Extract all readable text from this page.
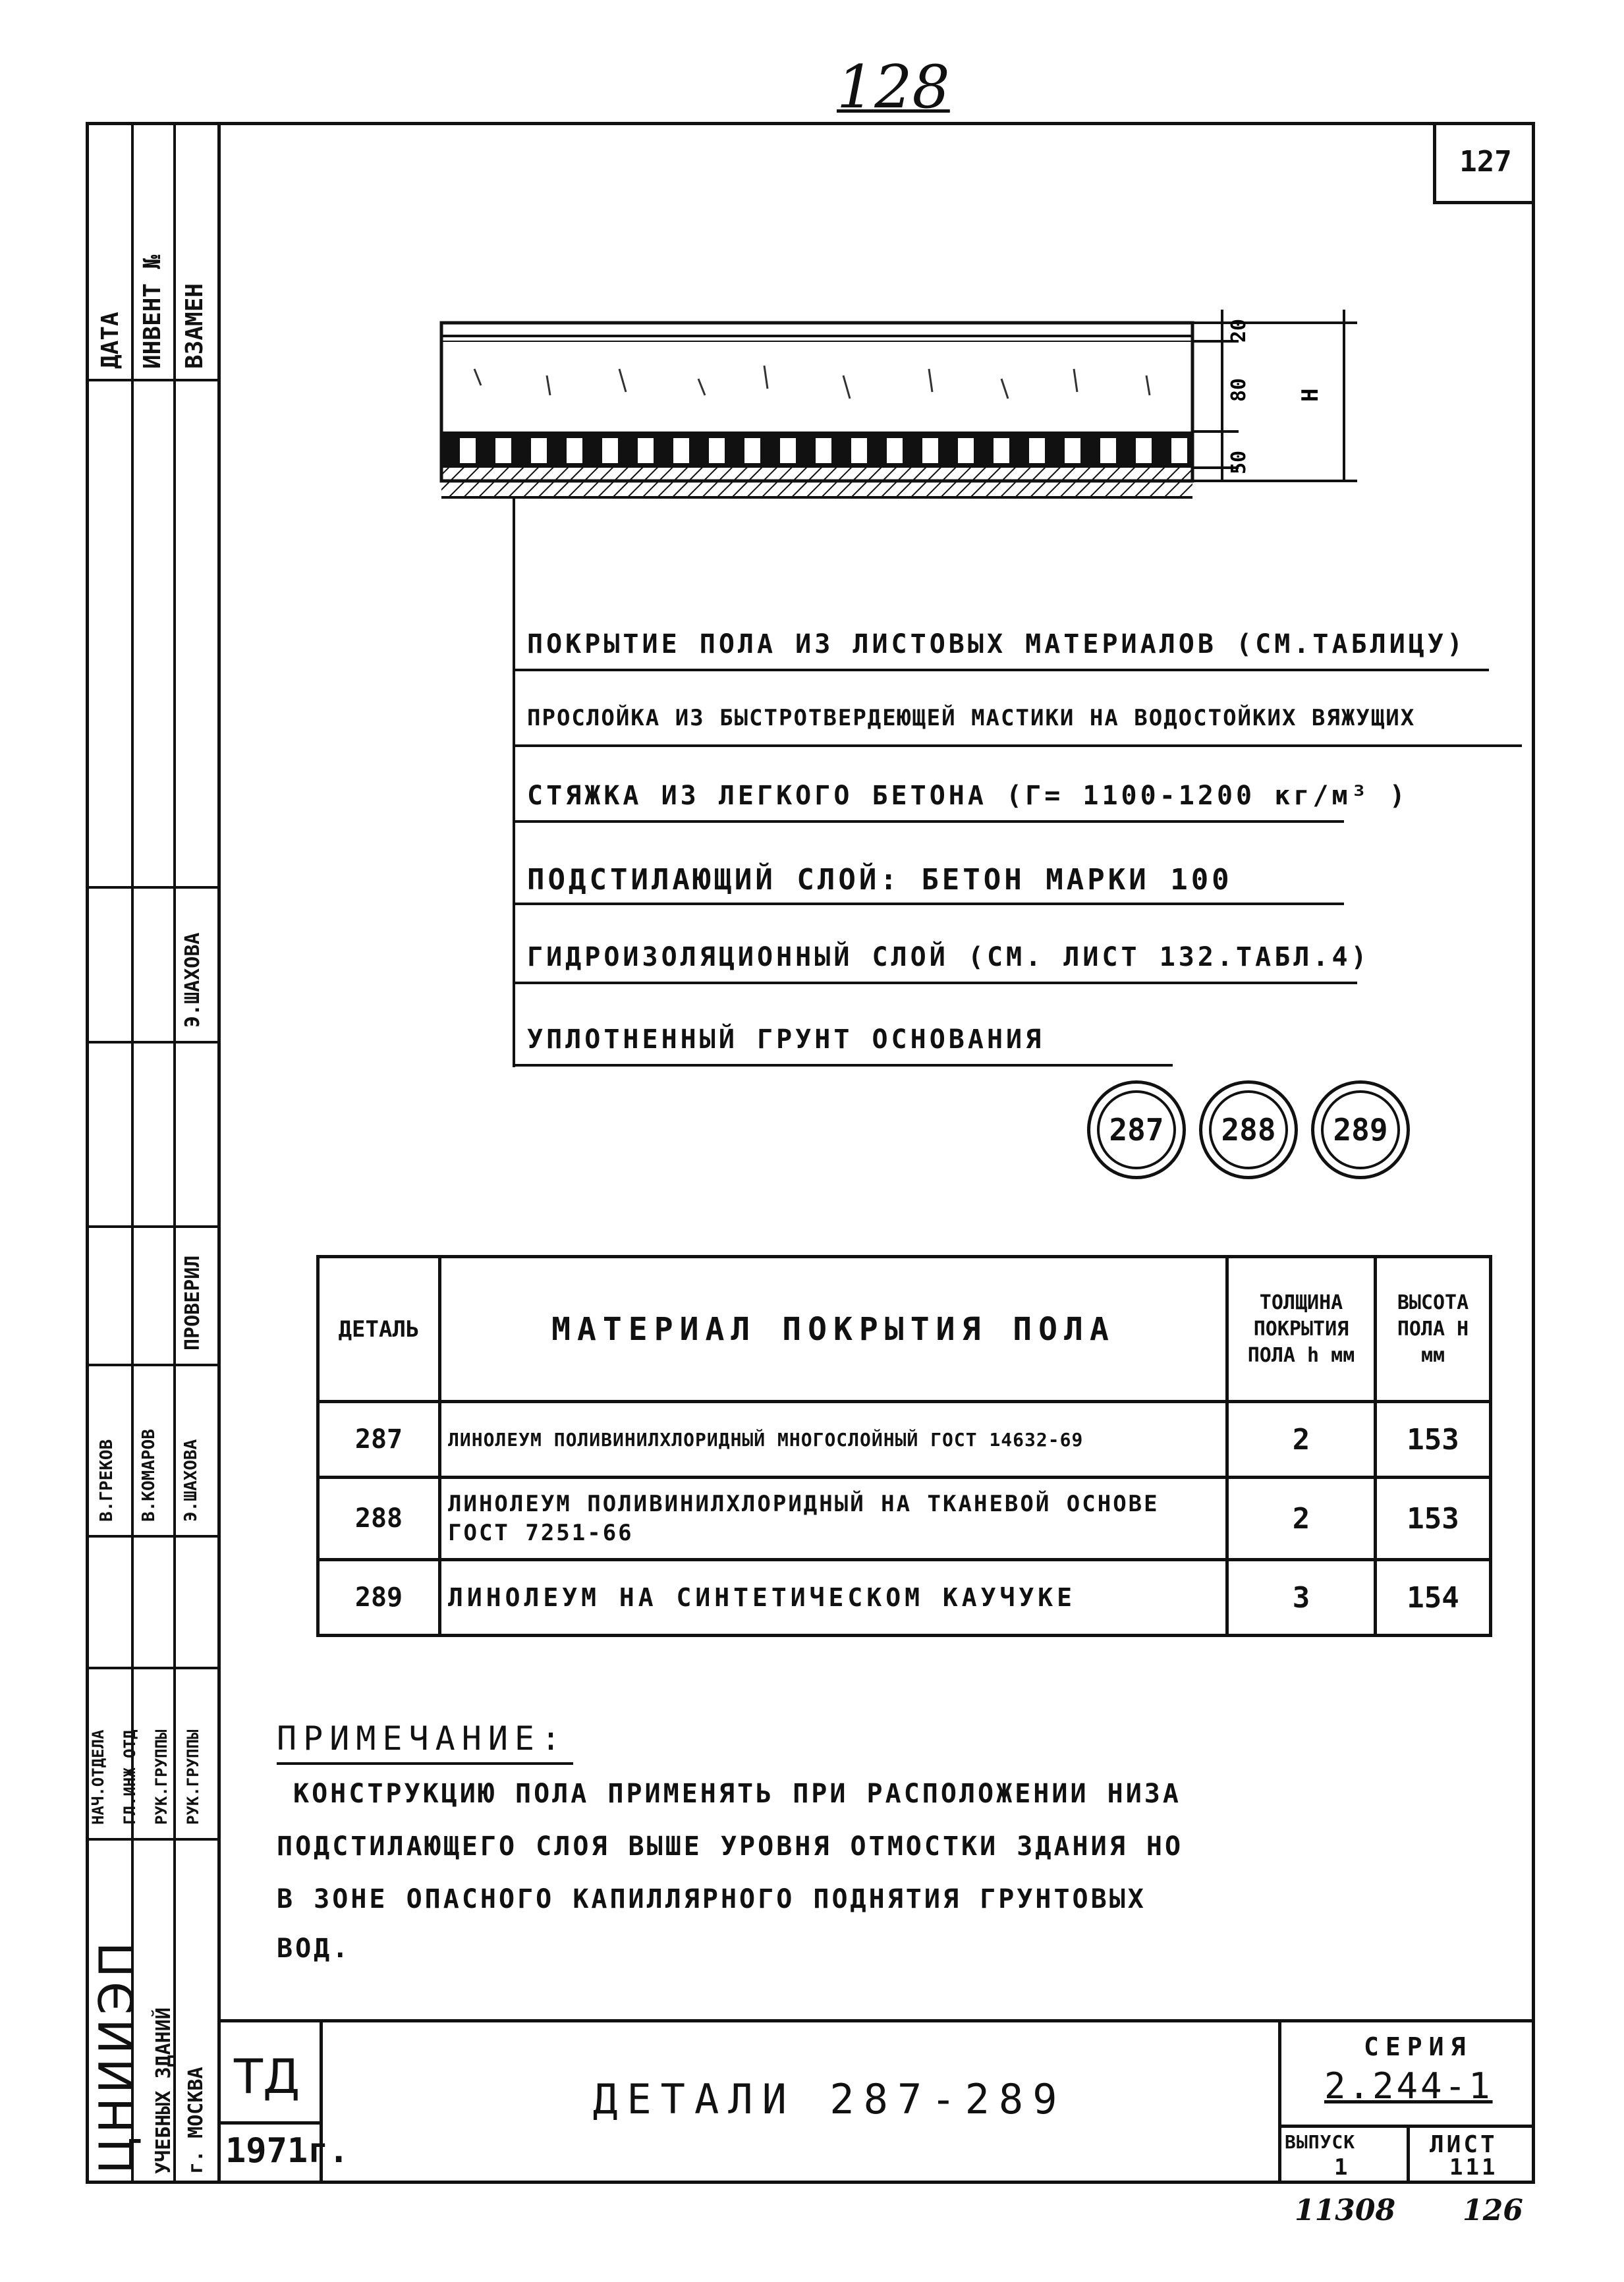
128
ДАТА ИНВЕНТ № ВЗАМЕН
Э.ШАХОВА
ПРОВЕРИЛ
В.ГРЕКОВ В.КОМАРОВ Э.ШАХОВА
НАЧ.ОТДЕЛА ГЛ.ИНЖ ОТД РУК.ГРУППЫ РУК.ГРУППЫ
ЦНИИЭП УЧЕБНЫХ ЗДАНИЙ г. МОСКВА
127
20
80
50
H
ПОКРЫТИЕ ПОЛА ИЗ ЛИСТОВЫХ МАТЕРИАЛОВ (СМ.ТАБЛИЦУ)
ПРОСЛОЙКА ИЗ БЫСТРОТВЕРДЕЮЩЕЙ МАСТИКИ НА ВОДОСТОЙКИХ ВЯЖУЩИХ
СТЯЖКА ИЗ ЛЕГКОГО БЕТОНА (Г= 1100-1200 кг/м³ )
ПОДСТИЛАЮЩИЙ СЛОЙ: БЕТОН МАРКИ 100
ГИДРОИЗОЛЯЦИОННЫЙ СЛОЙ (СМ. ЛИСТ 132.ТАБЛ.4)
УПЛОТНЕННЫЙ ГРУНТ ОСНОВАНИЯ
287	288	289
ДЕТАЛЬ	МАТЕРИАЛ ПОКРЫТИЯ ПОЛА	ТОЛЩИНА ПОКРЫТИЯ ПОЛА h мм	ВЫСОТА ПОЛА H мм
287	ЛИНОЛЕУМ ПОЛИВИНИЛХЛОРИДНЫЙ МНОГОСЛОЙНЫЙ ГОСТ 14632-69	2	153
288	ЛИНОЛЕУМ ПОЛИВИНИЛХЛОРИДНЫЙ НА ТКАНЕВОЙ ОСНОВЕ ГОСТ 7251-66	2	153
289	ЛИНОЛЕУМ НА СИНТЕТИЧЕСКОМ КАУЧУКЕ	3	154
ПРИМЕЧАНИЕ:
КОНСТРУКЦИЮ ПОЛА ПРИМЕНЯТЬ ПРИ РАСПОЛОЖЕНИИ НИЗА
ПОДСТИЛАЮЩЕГО СЛОЯ ВЫШЕ УРОВНЯ ОТМОСТКИ ЗДАНИЯ НО
В ЗОНЕ ОПАСНОГО КАПИЛЛЯРНОГО ПОДНЯТИЯ ГРУНТОВЫХ
ВОД.
ТД
1971г.
ДЕТАЛИ 287-289
СЕРИЯ
2.244-1
ВЫПУСК
1
ЛИСТ
111
11308 126
